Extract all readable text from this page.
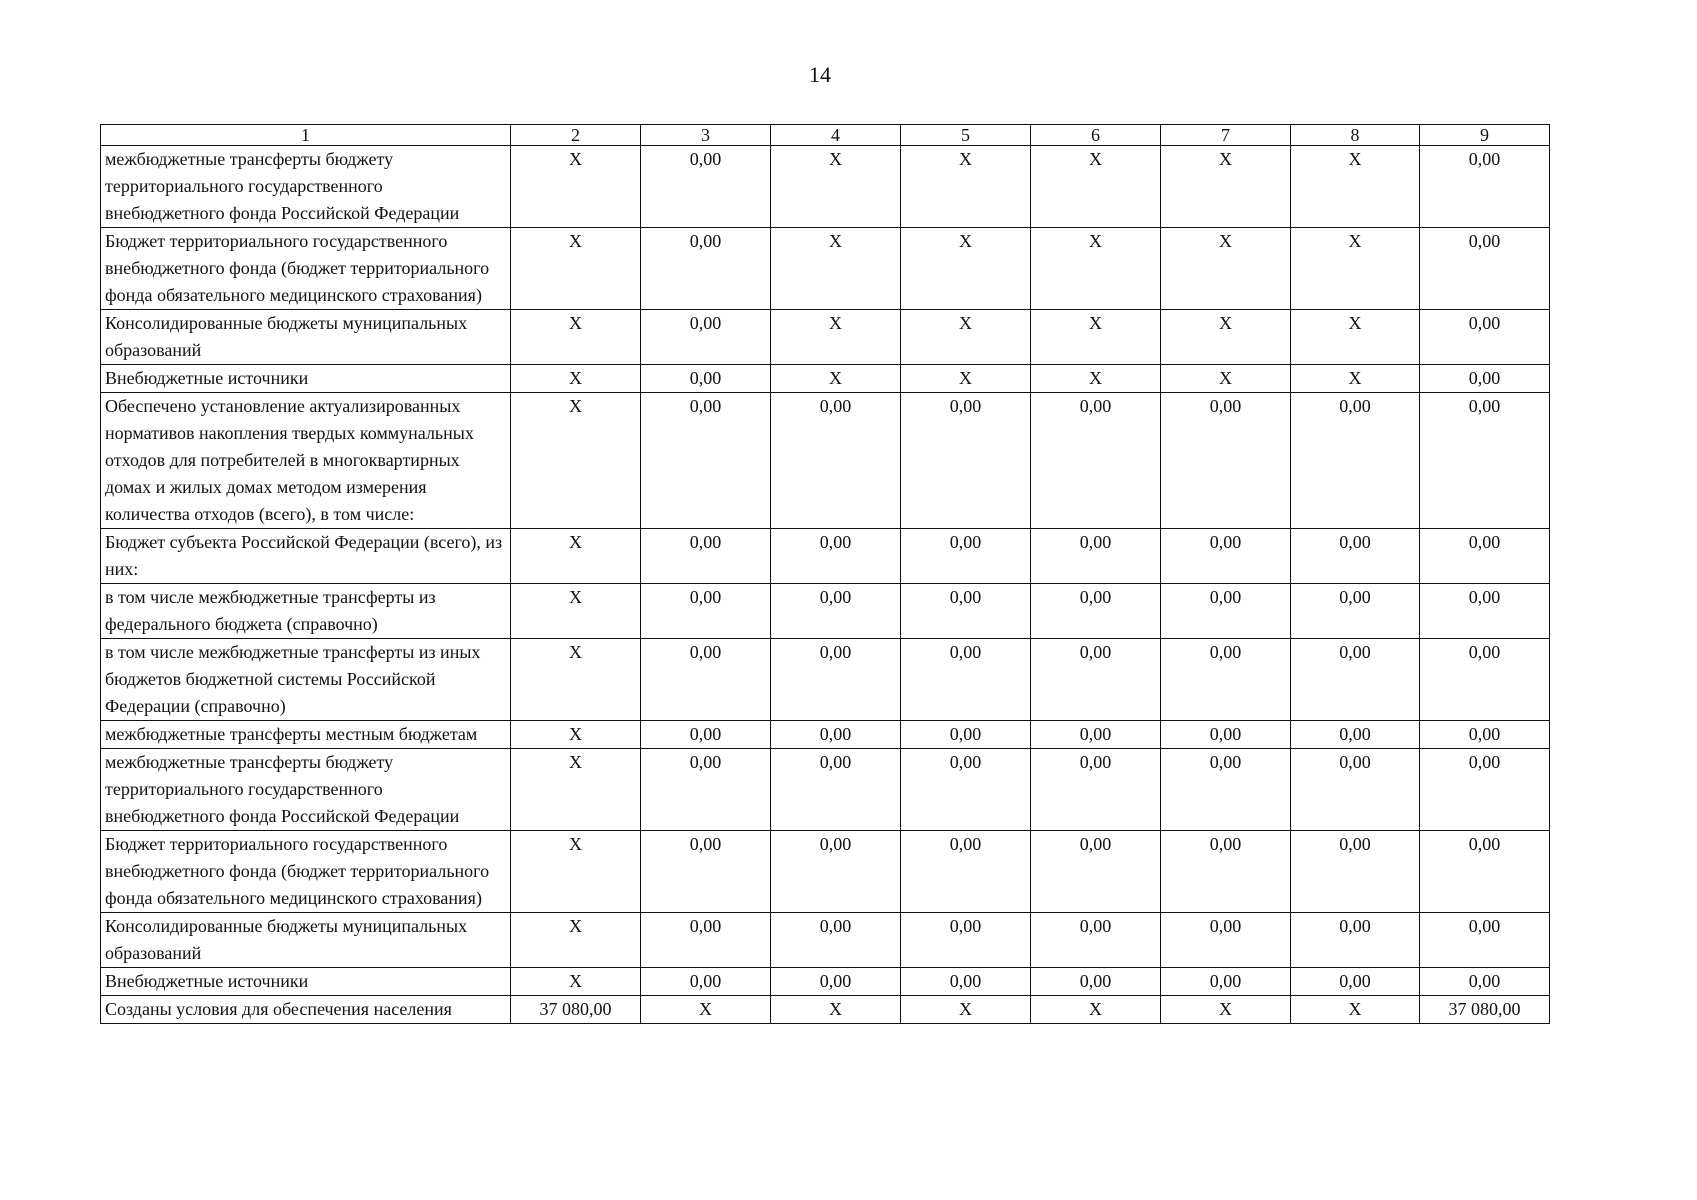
14
1	2	3	4	5	6	7	8	9
межбюджетные трансферты бюджету территориального государственного внебюджетного фонда Российской Федерации	X	0,00	X	X	X	X	X	0,00
Бюджет территориального государственного внебюджетного фонда (бюджет территориального фонда обязательного медицинского страхования)	X	0,00	X	X	X	X	X	0,00
Консолидированные бюджеты муниципальных образований	X	0,00	X	X	X	X	X	0,00
Внебюджетные источники	X	0,00	X	X	X	X	X	0,00
Обеспечено установление актуализированных нормативов накопления твердых коммунальных отходов для потребителей в многоквартирных домах и жилых домах методом измерения количества отходов (всего), в том числе:	X	0,00	0,00	0,00	0,00	0,00	0,00	0,00
Бюджет субъекта Российской Федерации (всего), из них:	X	0,00	0,00	0,00	0,00	0,00	0,00	0,00
в том числе межбюджетные трансферты из федерального бюджета (справочно)	X	0,00	0,00	0,00	0,00	0,00	0,00	0,00
в том числе межбюджетные трансферты из иных бюджетов бюджетной системы Российской Федерации (справочно)	X	0,00	0,00	0,00	0,00	0,00	0,00	0,00
межбюджетные трансферты местным бюджетам	X	0,00	0,00	0,00	0,00	0,00	0,00	0,00
межбюджетные трансферты бюджету территориального государственного внебюджетного фонда Российской Федерации	X	0,00	0,00	0,00	0,00	0,00	0,00	0,00
Бюджет территориального государственного внебюджетного фонда (бюджет территориального фонда обязательного медицинского страхования)	X	0,00	0,00	0,00	0,00	0,00	0,00	0,00
Консолидированные бюджеты муниципальных образований	X	0,00	0,00	0,00	0,00	0,00	0,00	0,00
Внебюджетные источники	X	0,00	0,00	0,00	0,00	0,00	0,00	0,00
Созданы условия для обеспечения населения	37 080,00	X	X	X	X	X	X	37 080,00
